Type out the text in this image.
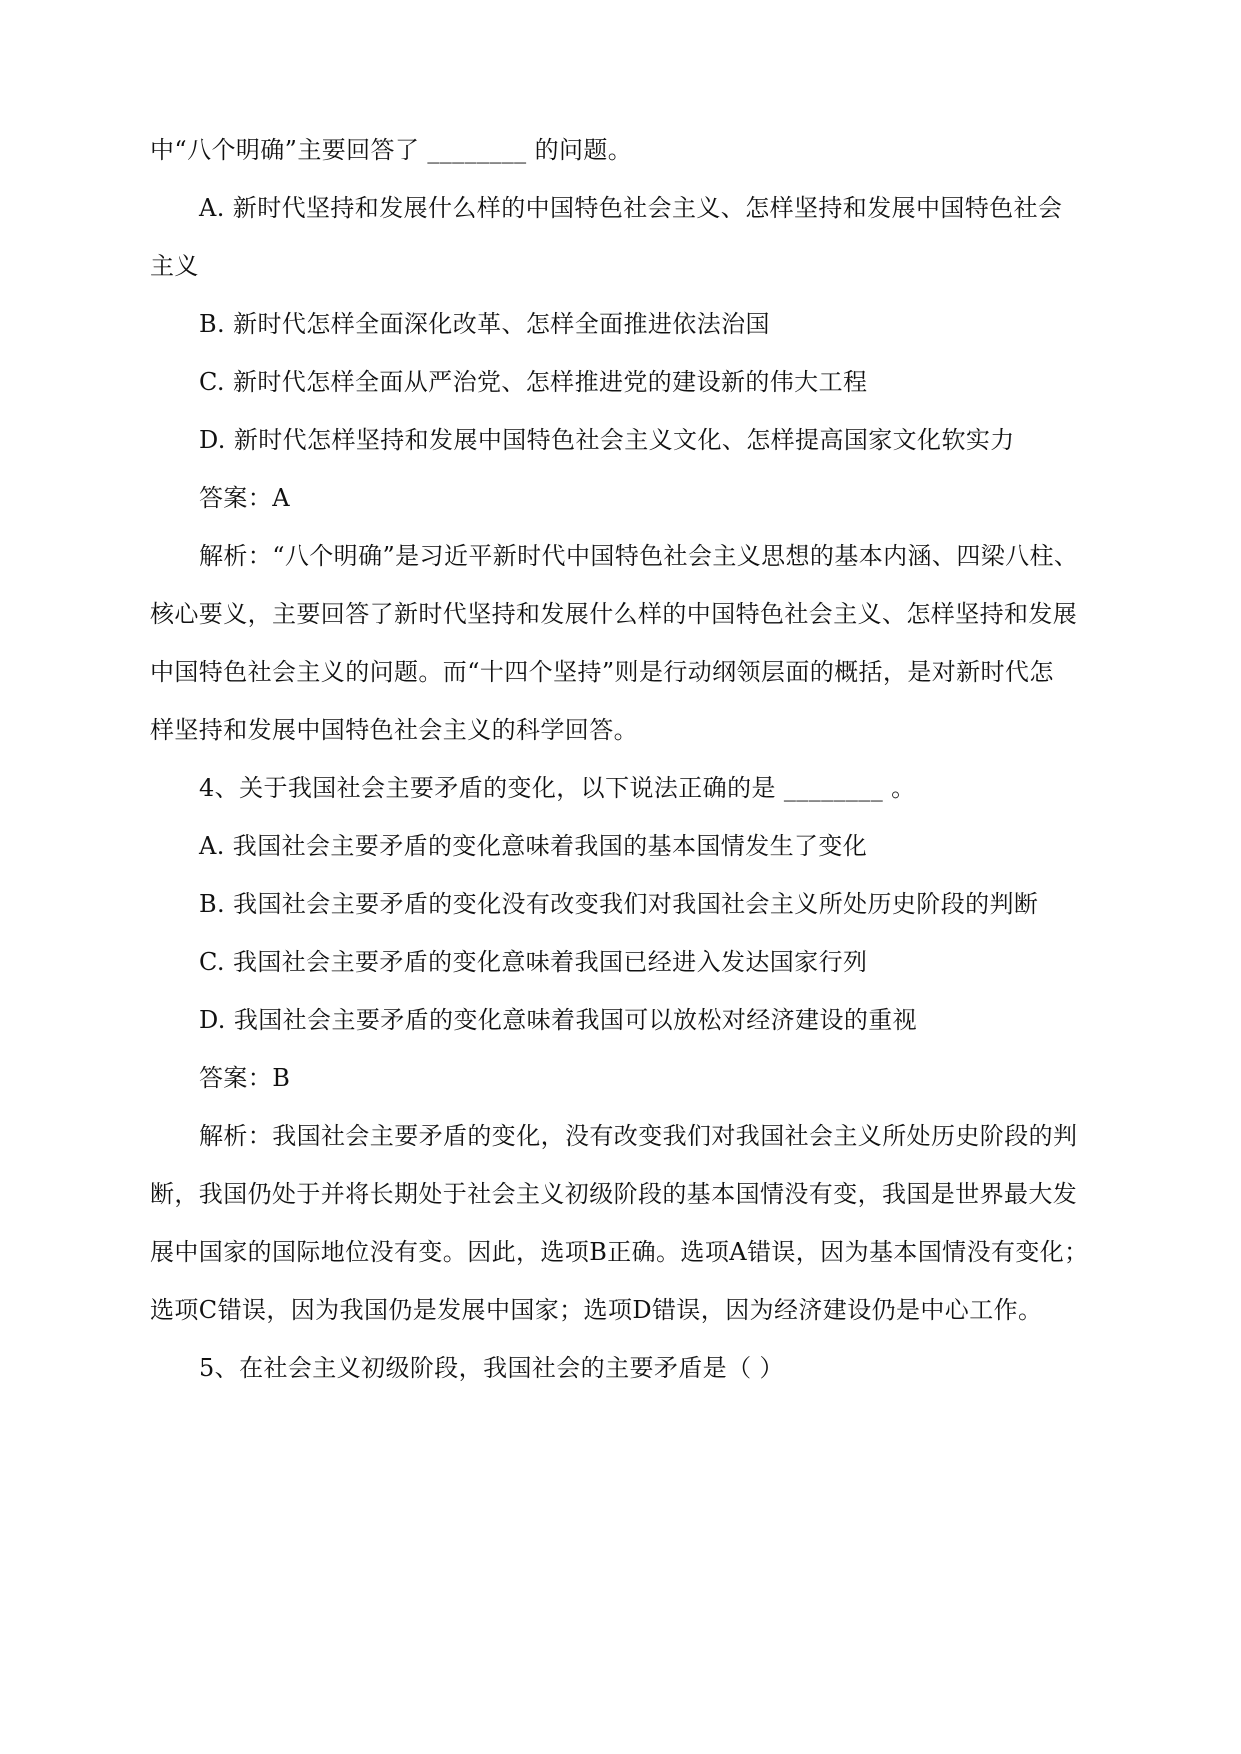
中“八个明确”主要回答了 ________ 的问题。
A. 新时代坚持和发展什么样的中国特色社会主义、怎样坚持和发展中国特色社会
主义
B. 新时代怎样全面深化改革、怎样全面推进依法治国
C. 新时代怎样全面从严治党、怎样推进党的建设新的伟大工程
D. 新时代怎样坚持和发展中国特色社会主义文化、怎样提高国家文化软实力
答案：A
解析：“八个明确”是习近平新时代中国特色社会主义思想的基本内涵、四梁八柱、
核心要义，主要回答了新时代坚持和发展什么样的中国特色社会主义、怎样坚持和发展
中国特色社会主义的问题。而“十四个坚持”则是行动纲领层面的概括，是对新时代怎
样坚持和发展中国特色社会主义的科学回答。
4、关于我国社会主要矛盾的变化，以下说法正确的是 ________ 。
A. 我国社会主要矛盾的变化意味着我国的基本国情发生了变化
B. 我国社会主要矛盾的变化没有改变我们对我国社会主义所处历史阶段的判断
C. 我国社会主要矛盾的变化意味着我国已经进入发达国家行列
D. 我国社会主要矛盾的变化意味着我国可以放松对经济建设的重视
答案：B
解析：我国社会主要矛盾的变化，没有改变我们对我国社会主义所处历史阶段的判
断，我国仍处于并将长期处于社会主义初级阶段的基本国情没有变，我国是世界最大发
展中国家的国际地位没有变。因此，选项B正确。选项A错误，因为基本国情没有变化；
选项C错误，因为我国仍是发展中国家；选项D错误，因为经济建设仍是中心工作。
5、在社会主义初级阶段，我国社会的主要矛盾是（ ）
